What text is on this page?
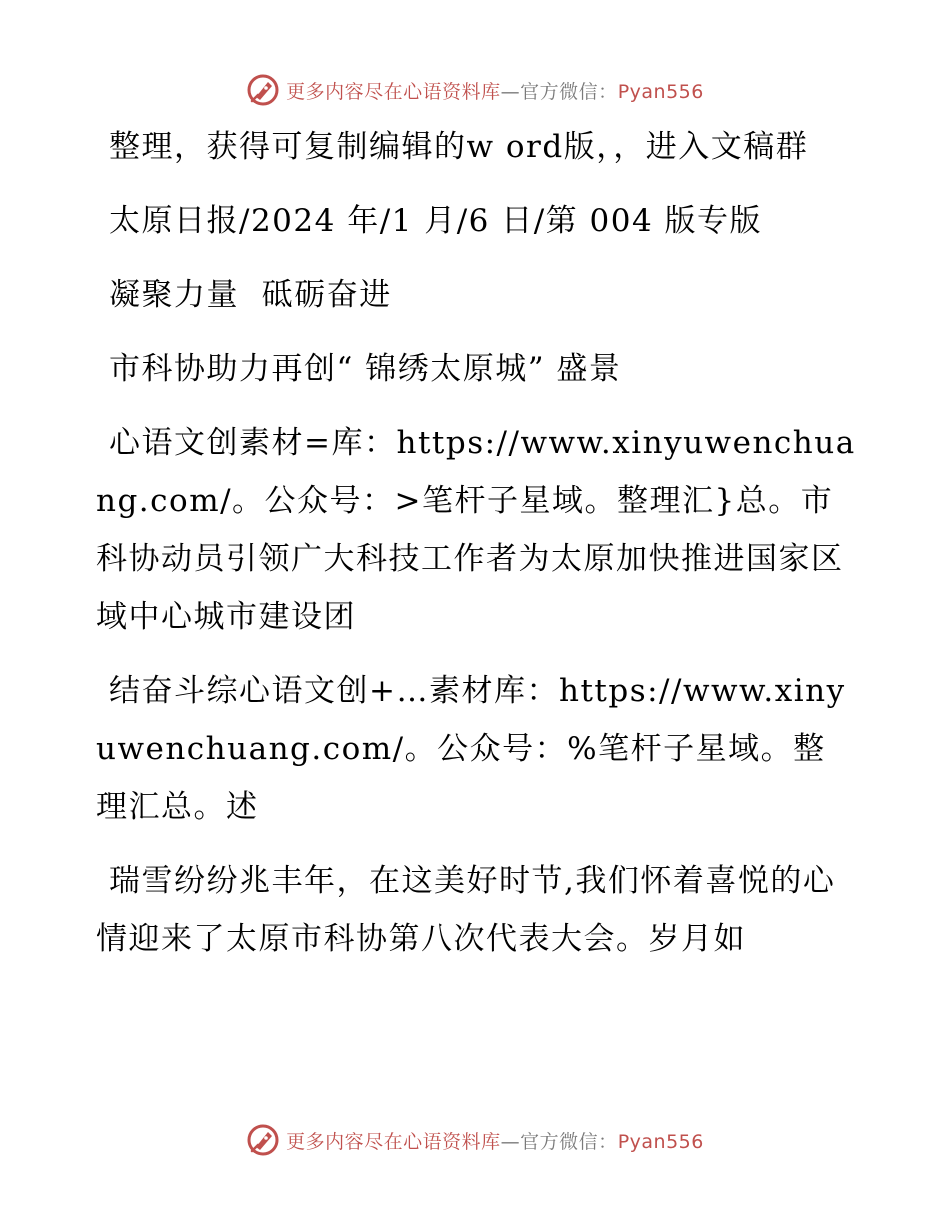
更多内容尽在心语资料库—官方微信：Pyan556

整理，获得可复制编辑的w ord版，，进入文稿群

太原日报/2024 年/1 月/6 日/第 004 版专版

凝聚力量  砥砺奋进

市科协助力再创“ 锦绣太原城” 盛景

心语文创素材=库：https://www.xinyuwenchuang.com/。公众号：>笔杆子星域。整理汇}总。市科协动员引领广大科技工作者为太原加快推进国家区域中心城市建设团

结奋斗综心语文创+…素材库：https://www.xinyuwenchuang.com/。公众号：%笔杆子星域。整理汇总。述

瑞雪纷纷兆丰年，在这美好时节,我们怀着喜悦的心情迎来了太原市科协第八次代表大会。岁月如

更多内容尽在心语资料库—官方微信：Pyan556
